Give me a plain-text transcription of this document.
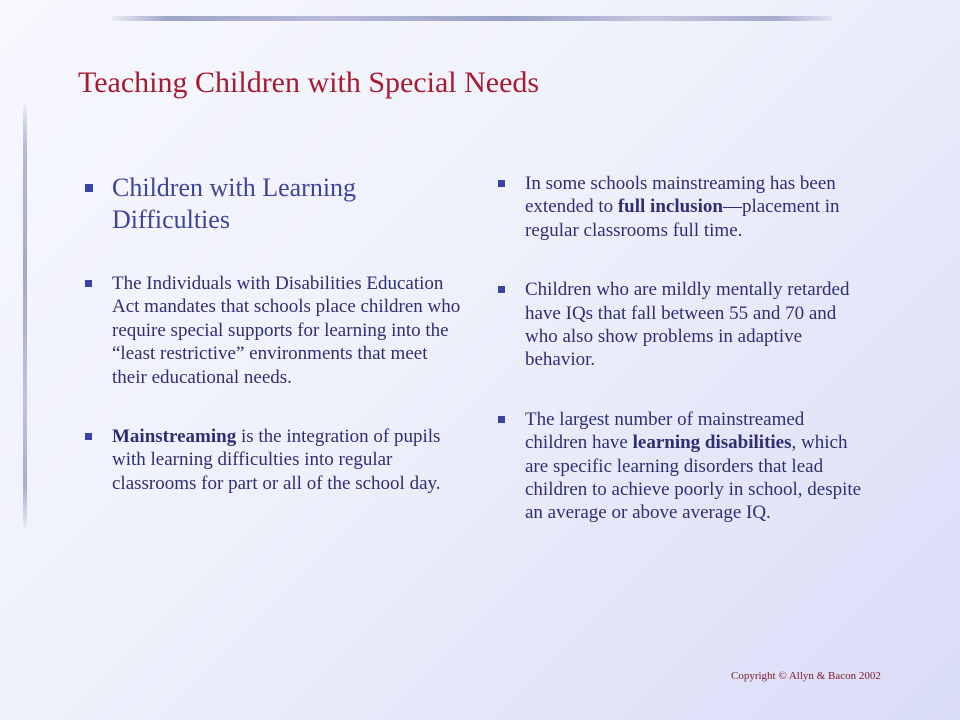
Teaching Children with Special Needs
Children with Learning Difficulties
The Individuals with Disabilities Education Act mandates that schools place children who require special supports for learning into the “least restrictive” environments that meet their educational needs.
Mainstreaming is the integration of pupils with learning difficulties into regular classrooms for part or all of the school day.
In some schools mainstreaming has been extended to full inclusion—placement in regular classrooms full time.
Children who are mildly mentally retarded have IQs that fall between 55 and 70 and who also show problems in adaptive behavior.
The largest number of mainstreamed children have learning disabilities, which are specific learning disorders that lead children to achieve poorly in school, despite an average or above average IQ.
Copyright © Allyn & Bacon 2002
